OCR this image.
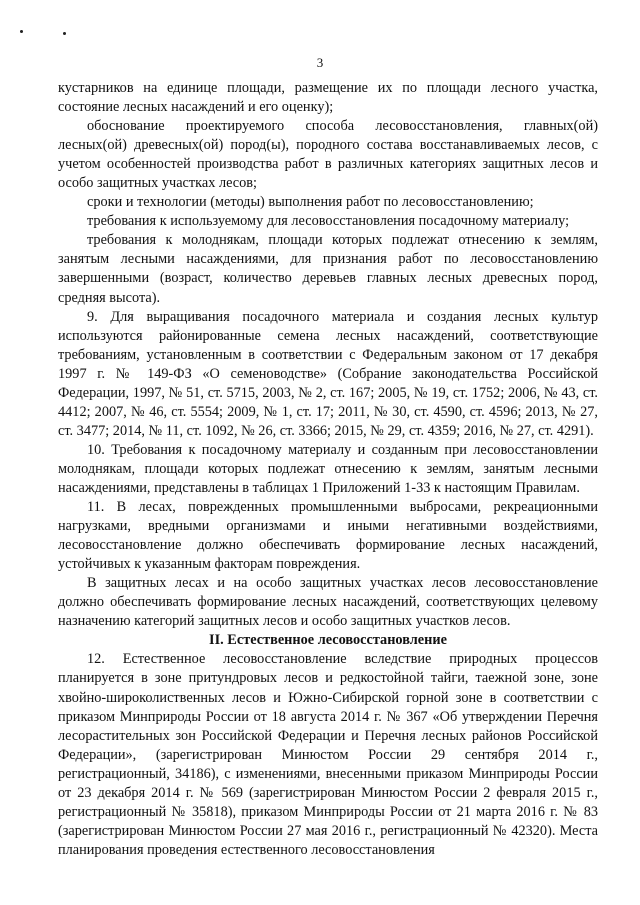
3

кустарников на единице площади, размещение их по площади лесного участка, состояние лесных насаждений и его оценку);

обоснование проектируемого способа лесовосстановления, главных(ой) лесных(ой) древесных(ой) пород(ы), породного состава восстанавливаемых лесов, с учетом особенностей производства работ в различных категориях защитных лесов и особо защитных участках лесов;

сроки и технологии (методы) выполнения работ по лесовосстановлению;

требования к используемому для лесовосстановления посадочному материалу;

требования к молоднякам, площади которых подлежат отнесению к землям, занятым лесными насаждениями, для признания работ по лесовосстановлению завершенными (возраст, количество деревьев главных лесных древесных пород, средняя высота).

9. Для выращивания посадочного материала и создания лесных культур используются районированные семена лесных насаждений, соответствующие требованиям, установленным в соответствии с Федеральным законом от 17 декабря 1997 г. № 149-ФЗ «О семеноводстве» (Собрание законодательства Российской Федерации, 1997, № 51, ст. 5715, 2003, № 2, ст. 167; 2005, № 19, ст. 1752; 2006, № 43, ст. 4412; 2007, № 46, ст. 5554; 2009, № 1, ст. 17; 2011, № 30, ст. 4590, ст. 4596; 2013, № 27, ст. 3477; 2014, № 11, ст. 1092, № 26, ст. 3366; 2015, № 29, ст. 4359; 2016, № 27, ст. 4291).

10. Требования к посадочному материалу и созданным при лесовосстановлении молоднякам, площади которых подлежат отнесению к землям, занятым лесными насаждениями, представлены в таблицах 1 Приложений 1-33 к настоящим Правилам.

11. В лесах, поврежденных промышленными выбросами, рекреационными нагрузками, вредными организмами и иными негативными воздействиями, лесовосстановление должно обеспечивать формирование лесных насаждений, устойчивых к указанным факторам повреждения.

В защитных лесах и на особо защитных участках лесов лесовосстановление должно обеспечивать формирование лесных насаждений, соответствующих целевому назначению категорий защитных лесов и особо защитных участков лесов.

II. Естественное лесовосстановление

12. Естественное лесовосстановление вследствие природных процессов планируется в зоне притундровых лесов и редкостойной тайги, таежной зоне, зоне хвойно-широколиственных лесов и Южно-Сибирской горной зоне в соответствии с приказом Минприроды России от 18 августа 2014 г. № 367 «Об утверждении Перечня лесорастительных зон Российской Федерации и Перечня лесных районов Российской Федерации», (зарегистрирован Минюстом России 29 сентября 2014 г., регистрационный, 34186), с изменениями, внесенными приказом Минприроды России от 23 декабря 2014 г. № 569 (зарегистрирован Минюстом России 2 февраля 2015 г., регистрационный № 35818), приказом Минприроды России от 21 марта 2016 г. № 83 (зарегистрирован Минюстом России 27 мая 2016 г., регистрационный № 42320). Места планирования проведения естественного лесовосстановления
